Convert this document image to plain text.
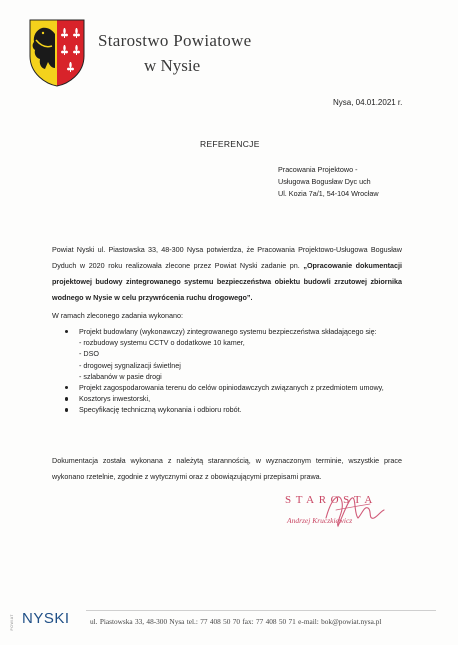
Starostwo Powiatowe
w Nysie
Nysa, 04.01.2021 r.
REFERENCJE
Pracowania Projektowo -
Usługowa Bogusław Dyc uch
Ul. Kozia 7a/1, 54-104 Wrocław
Powiat Nyski ul. Piastowska 33, 48-300 Nysa potwierdza, że Pracowania Projektowo-Usługowa Bogusław Dyduch w 2020 roku realizowała zlecone przez Powiat Nyski zadanie pn. „Opracowanie dokumentacji projektowej budowy zintegrowanego systemu bezpieczeństwa obiektu budowli zrzutowej zbiornika wodnego w Nysie w celu przywrócenia ruchu drogowego”.
W ramach zleconego zadania wykonano:
Projekt budowlany (wykonawczy) zintegrowanego systemu bezpieczeństwa składającego się:
- rozbudowy systemu CCTV o dodatkowe 10 kamer,
- DSO
- drogowej sygnalizacji świetlnej
- szlabanów w pasie drogi
Projekt zagospodarowania terenu do celów opiniodawczych związanych z przedmiotem umowy,
Kosztorys inwestorski,
Specyfikację techniczną wykonania i odbioru robót.
Dokumentacja została wykonana z należytą starannością, w wyznaczonym terminie, wszystkie prace wykonano rzetelnie, zgodnie z wytycznymi oraz z obowiązującymi przepisami prawa.
STAROSTA
Andrzej Kruczkiewicz
POWIAT NYSKI	ul. Piastowska 33, 48-300 Nysa tel.: 77 408 50 70 fax: 77 408 50 71 e-mail: bok@powiat.nysa.pl
